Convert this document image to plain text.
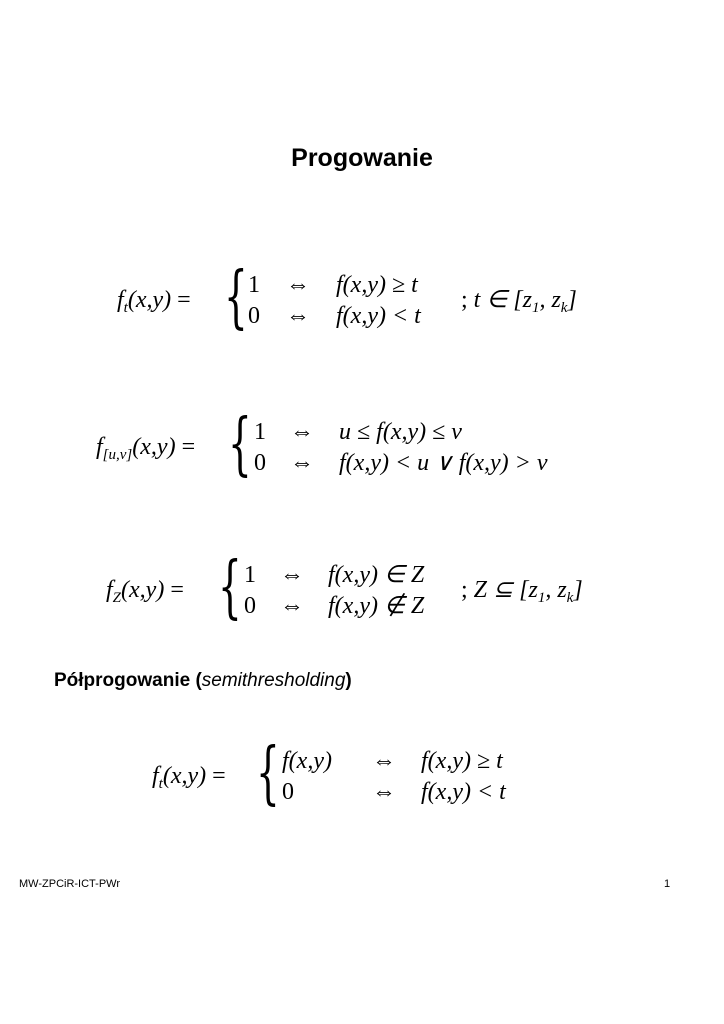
Progowanie
$f_t(x,y)$ = { 1 ⇔ f(x,y) ≥ t
0 ⇔ f(x,y) < t
; t ∈ [$z_1$, $z_k$]
$f_{[u,v]}(x,y)$ = { 1 ⇔ u ≤ f(x,y) ≤ v
0 ⇔ f(x,y) < u ∨ f(x,y) > v
$f_Z(x,y)$ = { 1 ⇔ f(x,y) ∈ Z
0 ⇔ f(x,y) ∉ Z
; Z ⊆ [$z_1$, $z_k$]
Półprogowanie (semithresholding)
$f_t(x,y)$ = { f(x,y) ⇔ f(x,y) ≥ t
0	⇔ f(x,y) < t
MW-ZPCiR-ICT-PWr	1
